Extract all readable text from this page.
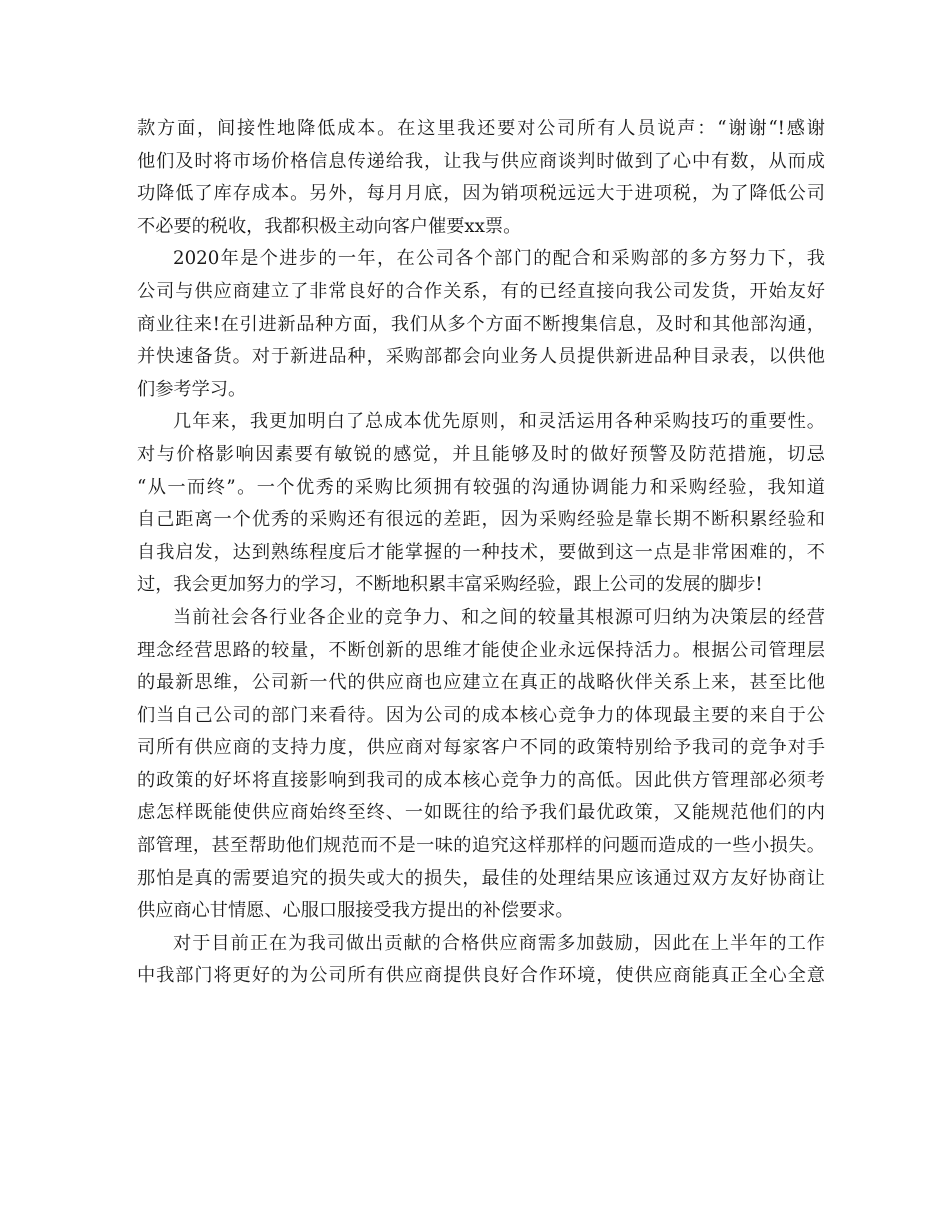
款方面，间接性地降低成本。在这里我还要对公司所有人员说声：“谢谢“!感谢
他们及时将市场价格信息传递给我，让我与供应商谈判时做到了心中有数，从而成
功降低了库存成本。另外，每月月底，因为销项税远远大于进项税，为了降低公司
不必要的税收，我都积极主动向客户催要xx票。
2020年是个进步的一年，在公司各个部门的配合和采购部的多方努力下，我
公司与供应商建立了非常良好的合作关系，有的已经直接向我公司发货，开始友好
商业往来!在引进新品种方面，我们从多个方面不断搜集信息，及时和其他部沟通，
并快速备货。对于新进品种，采购部都会向业务人员提供新进品种目录表，以供他
们参考学习。
几年来，我更加明白了总成本优先原则，和灵活运用各种采购技巧的重要性。
对与价格影响因素要有敏锐的感觉，并且能够及时的做好预警及防范措施，切忌
“从一而终”。一个优秀的采购比须拥有较强的沟通协调能力和采购经验，我知道
自己距离一个优秀的采购还有很远的差距，因为采购经验是靠长期不断积累经验和
自我启发，达到熟练程度后才能掌握的一种技术，要做到这一点是非常困难的，不
过，我会更加努力的学习，不断地积累丰富采购经验，跟上公司的发展的脚步!
当前社会各行业各企业的竞争力、和之间的较量其根源可归纳为决策层的经营
理念经营思路的较量，不断创新的思维才能使企业永远保持活力。根据公司管理层
的最新思维，公司新一代的供应商也应建立在真正的战略伙伴关系上来，甚至比他
们当自己公司的部门来看待。因为公司的成本核心竞争力的体现最主要的来自于公
司所有供应商的支持力度，供应商对每家客户不同的政策特别给予我司的竞争对手
的政策的好坏将直接影响到我司的成本核心竞争力的高低。因此供方管理部必须考
虑怎样既能使供应商始终至终、一如既往的给予我们最优政策，又能规范他们的内
部管理，甚至帮助他们规范而不是一味的追究这样那样的问题而造成的一些小损失。
那怕是真的需要追究的损失或大的损失，最佳的处理结果应该通过双方友好协商让
供应商心甘情愿、心服口服接受我方提出的补偿要求。
对于目前正在为我司做出贡献的合格供应商需多加鼓励，因此在上半年的工作
中我部门将更好的为公司所有供应商提供良好合作环境，使供应商能真正全心全意
